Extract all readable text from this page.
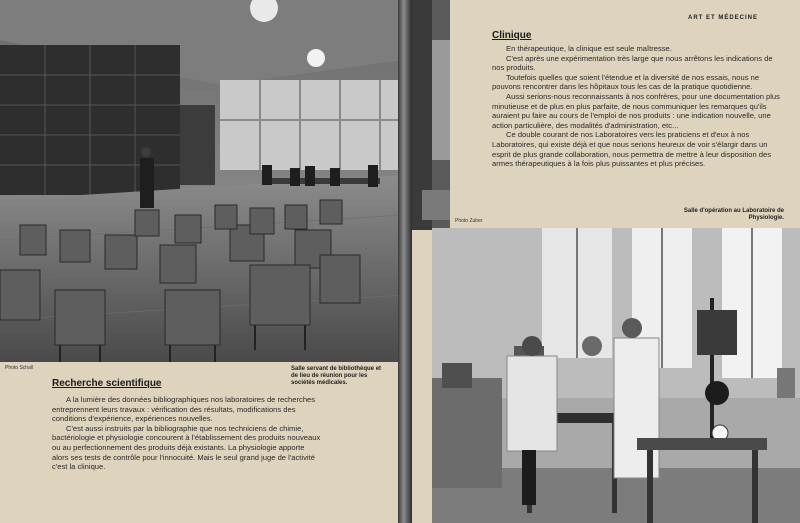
Photo Schall	Salle servant de bibliothèque et de lieu de réunion pour les sociétés médicales.
Recherche scientifique

A la lumière des données bibliographiques nos laboratoires de recherches entreprennent leurs travaux : vérification des résultats, modifications des conditions d'expérience, expériences nouvelles.

C'est aussi instruits par la bibliographie que nos techniciens de chimie, bactériologie et physiologie concourent à l'établissement des produits nouveaux ou au perfectionnement des produits déjà existants. La physiologie apporte alors ses tests de contrôle pour l'innocuité. Mais le seul grand juge de l'activité c'est la clinique.

ART ET MÉDECINE
Clinique

En thérapeutique, la clinique est seule maîtresse.

C'est après une expérimentation très large que nous arrêtons les indications de nos produits.

Toutefois quelles que soient l'étendue et la diversité de nos essais, nous ne pouvons rencontrer dans les hôpitaux tous les cas de la pratique quotidienne.

Aussi serions-nous reconnaissants à nos confrères, pour une documentation plus minutieuse et de plus en plus parfaite, de nous communiquer les remarques qu'ils auraient pu faire au cours de l'emploi de nos produits : une indication nouvelle, une action particulière, des modalités d'administration, etc...

Ce double courant de nos Laboratoires vers les praticiens et d'eux à nos Laboratoires, qui existe déjà et que nous serions heureux de voir s'élargir dans un esprit de plus grande collaboration, nous permettra de mettre à leur disposition des armes thérapeutiques à la fois plus puissantes et plus précises.

Photo Zuber
Salle d'opération au Laboratoire de Physiologie.
